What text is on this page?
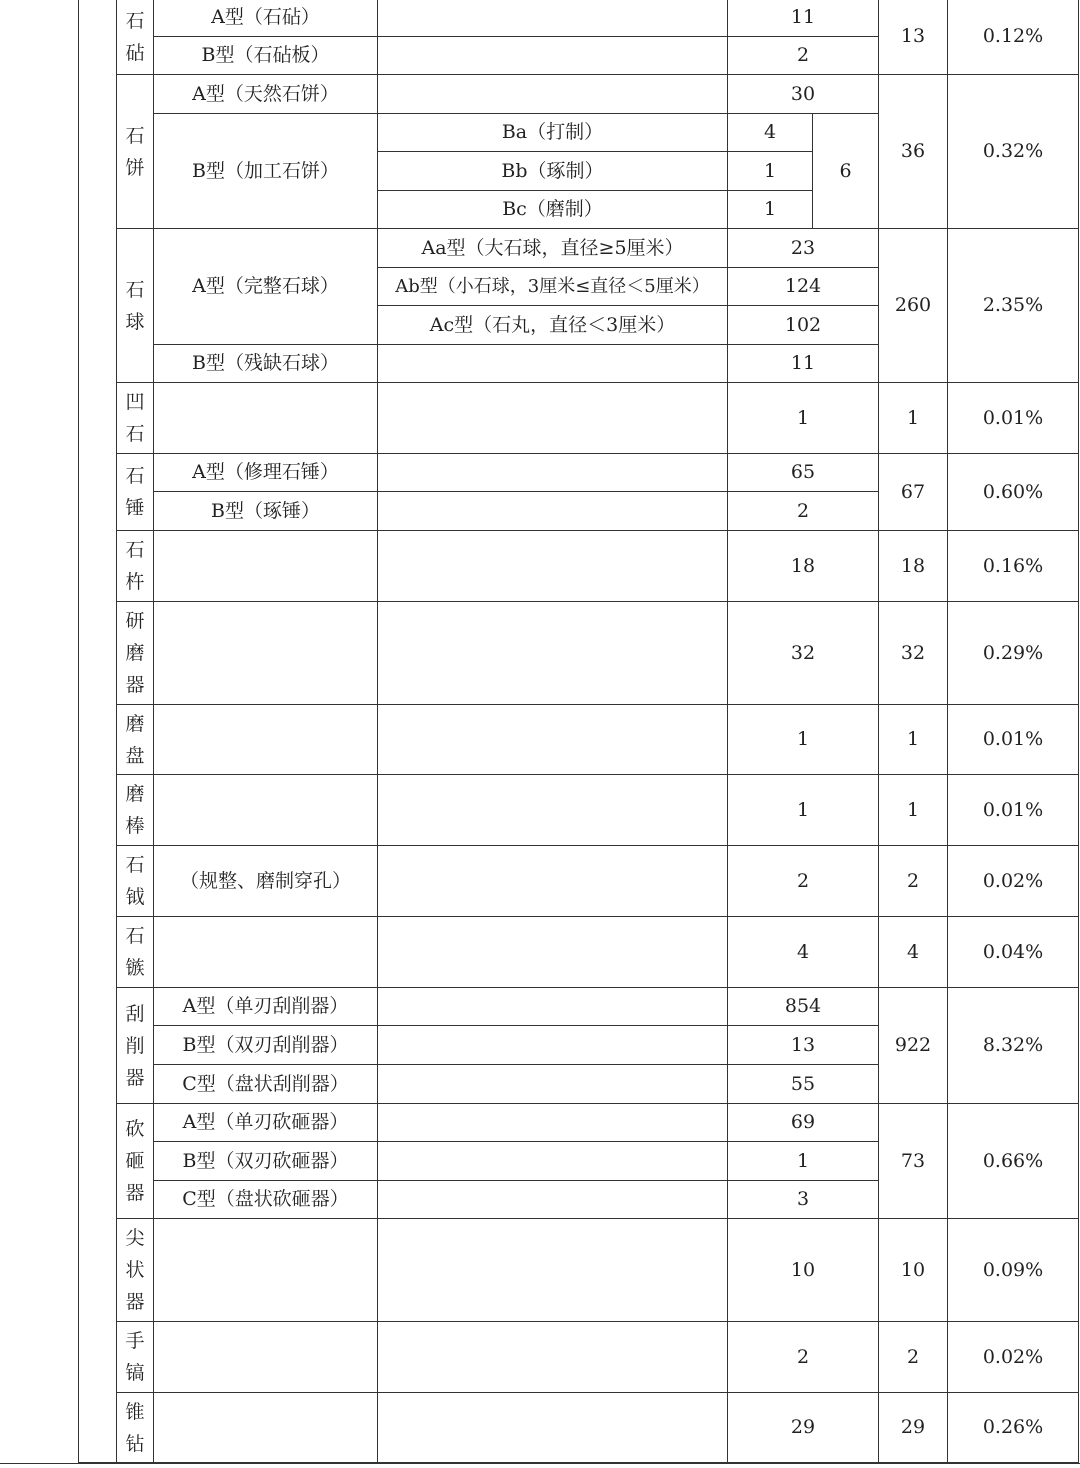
	石砧	A型（石砧）		11		13	0.12%
		B型（石砧板）		2			
	石饼	A型（天然石饼）		30		36	0.32%
		B型（加工石饼）	Ba（打制）	4	6		
			Bb（琢制）	1			
			Bc（磨制）	1			
	石球	A型（完整石球）	Aa型（大石球，直径≥5厘米）	23		260	2.35%
			Ab型（小石球，3厘米≤直径＜5厘米）	124			
			Ac型（石丸，直径＜3厘米）	102			
		B型（残缺石球）		11			
	凹石			1		1	0.01%
	石锤	A型（修理石锤）		65		67	0.60%
		B型（琢锤）		2			
	石杵			18		18	0.16%
	研磨器			32		32	0.29%
	磨盘			1		1	0.01%
	磨棒			1		1	0.01%
	石钺	（规整、磨制穿孔）		2		2	0.02%
	石镞			4		4	0.04%
	刮削器	A型（单刃刮削器）		854		922	8.32%
		B型（双刃刮削器）		13			
		C型（盘状刮削器）		55			
	砍砸器	A型（单刃砍砸器）		69		73	0.66%
		B型（双刃砍砸器）		1			
		C型（盘状砍砸器）		3			
	尖状器			10		10	0.09%
	手镐			2		2	0.02%
	锥钻			29		29	0.26%
